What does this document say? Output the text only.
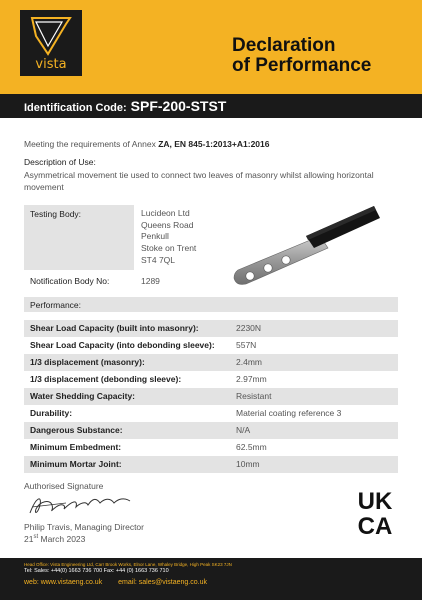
vista
Declaration
of Performance
Identification Code: SPF-200-STST
Meeting the requirements of Annex ZA, EN 845-1:2013+A1:2016
Description of Use:
Asymmetrical movement tie used to connect two leaves of masonry whilst allowing horizontal movement
Testing Body:	Lucideon Ltd
Queens Road
Penkull
Stoke on Trent
ST4 7QL
Notification Body No:	1289
Performance:
Shear Load Capacity (built into masonry):	2230N
Shear Load Capacity (into debonding sleeve):	557N
1/3 displacement (masonry):	2.4mm
1/3 displacement (debonding sleeve):	2.97mm
Water Shedding Capacity:	Resistant
Durability:	Material coating reference 3
Dangerous Substance:	N/A
Minimum Embedment:	62.5mm
Minimum Mortar Joint:	10mm
Authorised Signature
Philip Travis, Managing Director
21st March 2023
UK
CA
Head Office: Vista Engineering Ltd, Carr Brook Works, Elnor Lane, Whaley Bridge, High Peak SK23 7JN
Tel: Sales: +44(0) 1663 736 700 Fax: +44 (0) 1663 736 710
web: www.vistaeng.co.uk email: sales@vistaeng.co.uk
